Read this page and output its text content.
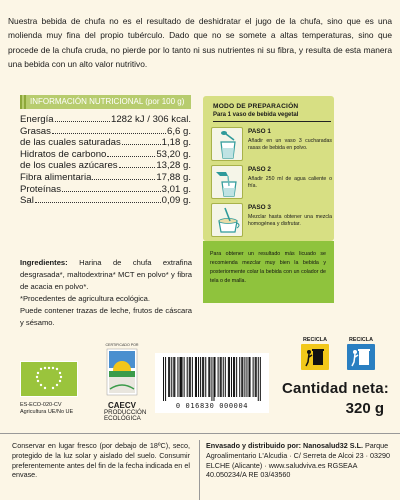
Nuestra bebida de chufa no es el resultado de deshidratar el jugo de la chufa, sino que es una molienda muy fina del propio tubérculo. Dado que no se somete a altas temperaturas, sino que procede de la chufa cruda, no pierde por lo tanto ni sus nutrientes ni su fibra, y resulta de esta manera una bebida con un alto valor nutritivo.
INFORMACIÓN NUTRICIONAL (por 100 g)
Energía	1282 kJ / 306 kcal.
Grasas	6,6 g.
de las cuales saturadas	1,18 g.
Hidratos de carbono	53,20 g.
de los cuales azúcares	13,28 g.
Fibra alimentaria	17,88 g.
Proteínas	3,01 g.
Sal	0,09 g.

Ingredientes: Harina de chufa extrafina desgrasada*, maltodextrina* MCT en polvo* y fibra de acacia en polvo*.

*Procedentes de agricultura ecológica.

Puede contener trazas de leche, frutos de cáscara y sésamo.

MODO DE PREPARACIÓN
Para 1 vaso de bebida vegetal
PASO 1
Añadir en un vaso 3 cucharadas rasas de bebida en polvo.
PASO 2
Añadir 250 ml de agua caliente o fría.
PASO 3
Mezclar hasta obtener una mezcla homogénea y disfrutar.
Para obtener un resultado más licuado se recomienda mezclar muy bien la bebida y posteriormente colar la bebida con un colador de tela o de malla.
ES-ECO-020-CV
Agricultura UE/No UE
CERTIFICADO POR
CAECV
PRODUCCIÓN
ECOLÓGICA
0 016830 000004
RECICLA	RECICLA
Cantidad neta:
320 g
Conservar en lugar fresco (por debajo de 18ºC), seco, protegido de la luz solar y aislado del suelo. Consumir preferentemente antes del fin de la fecha indicada en el envase.
Envasado y distribuido por: Nanosalud32 S.L. Parque Agroalimentario L'Alcudia · C/ Serreta de Alcoi 23 · 03290 ELCHE (Alicante) · www.saludviva.es RGSEAA 40.050234/A RE 03/43560
